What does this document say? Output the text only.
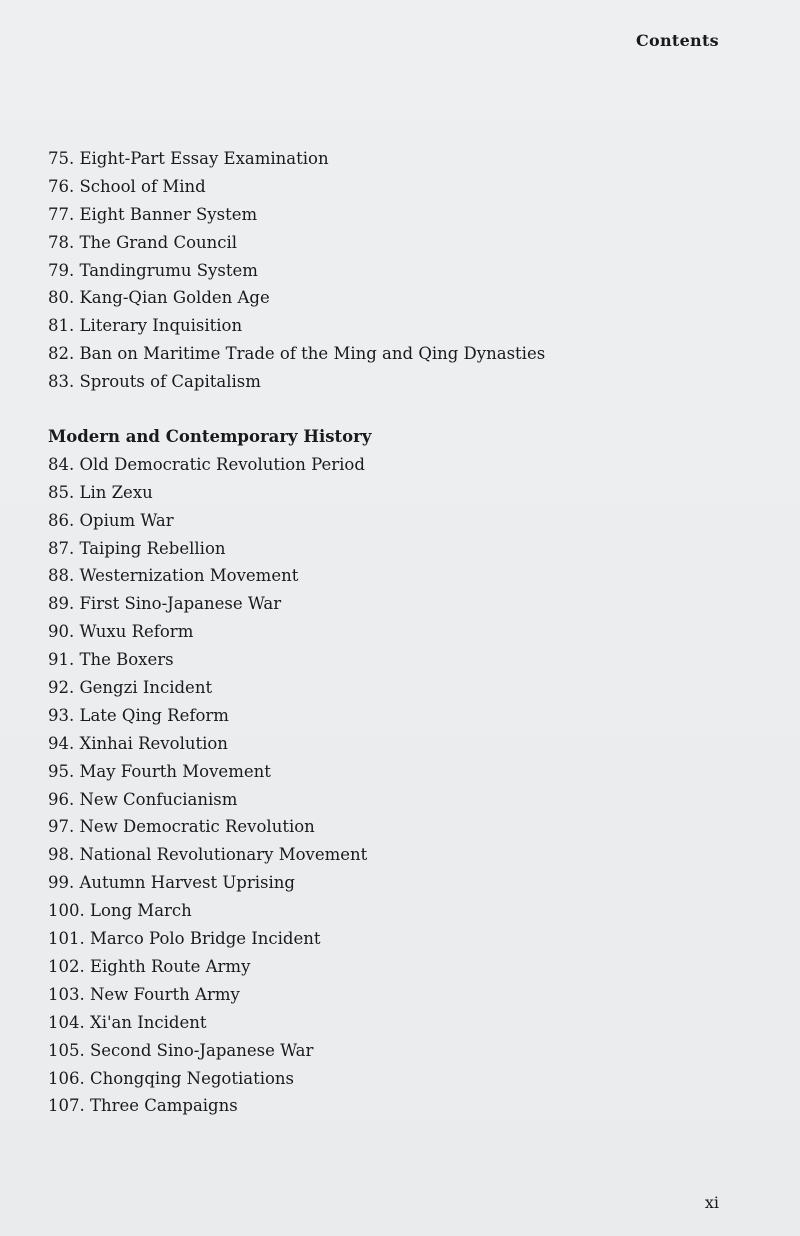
Contents
75. Eight-Part Essay Examination
76. School of Mind
77. Eight Banner System
78. The Grand Council
79. Tandingrumu System
80. Kang-Qian Golden Age
81. Literary Inquisition
82. Ban on Maritime Trade of the Ming and Qing Dynasties
83. Sprouts of Capitalism
Modern and Contemporary History
84. Old Democratic Revolution Period
85. Lin Zexu
86. Opium War
87. Taiping Rebellion
88. Westernization Movement
89. First Sino-Japanese War
90. Wuxu Reform
91. The Boxers
92. Gengzi Incident
93. Late Qing Reform
94. Xinhai Revolution
95. May Fourth Movement
96. New Confucianism
97. New Democratic Revolution
98. National Revolutionary Movement
99. Autumn Harvest Uprising
100. Long March
101. Marco Polo Bridge Incident
102. Eighth Route Army
103. New Fourth Army
104. Xi'an Incident
105. Second Sino-Japanese War
106. Chongqing Negotiations
107. Three Campaigns
xi
